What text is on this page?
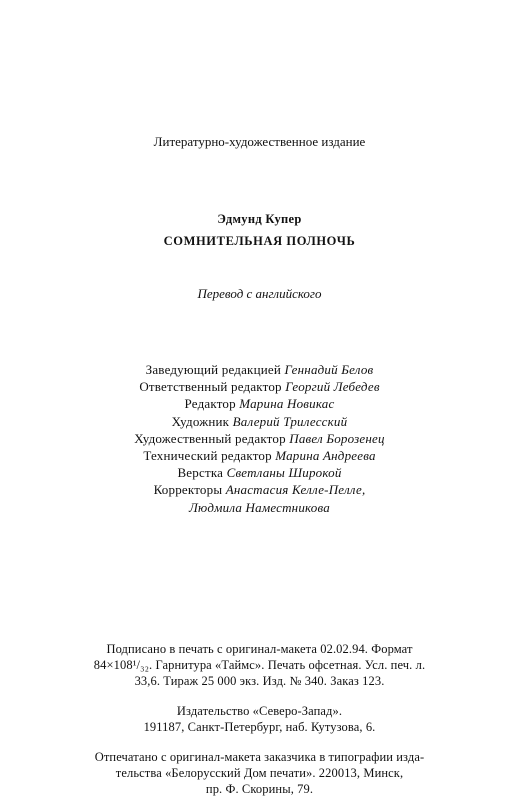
Литературно-художественное издание
Эдмунд Купер
СОМНИТЕЛЬНАЯ ПОЛНОЧЬ
Перевод с английского
Заведующий редакцией Геннадий Белов
Ответственный редактор Георгий Лебедев
Редактор Марина Новикас
Художник Валерий Трилесский
Художественный редактор Павел Борозенец
Технический редактор Марина Андреева
Верстка Светланы Широкой
Корректоры Анастасия Келле-Пелле,
Людмила Наместникова
Подписано в печать с оригинал-макета 02.02.94. Формат
84×108¹/₃₂. Гарнитура «Таймс». Печать офсетная. Усл. печ. л.
33,6. Тираж 25 000 экз. Изд. № 340. Заказ 123.
Издательство «Северо-Запад».
191187, Санкт-Петербург, наб. Кутузова, 6.
Отпечатано с оригинал-макета заказчика в типографии изда-
тельства «Белорусский Дом печати». 220013, Минск,
пр. Ф. Скорины, 79.
